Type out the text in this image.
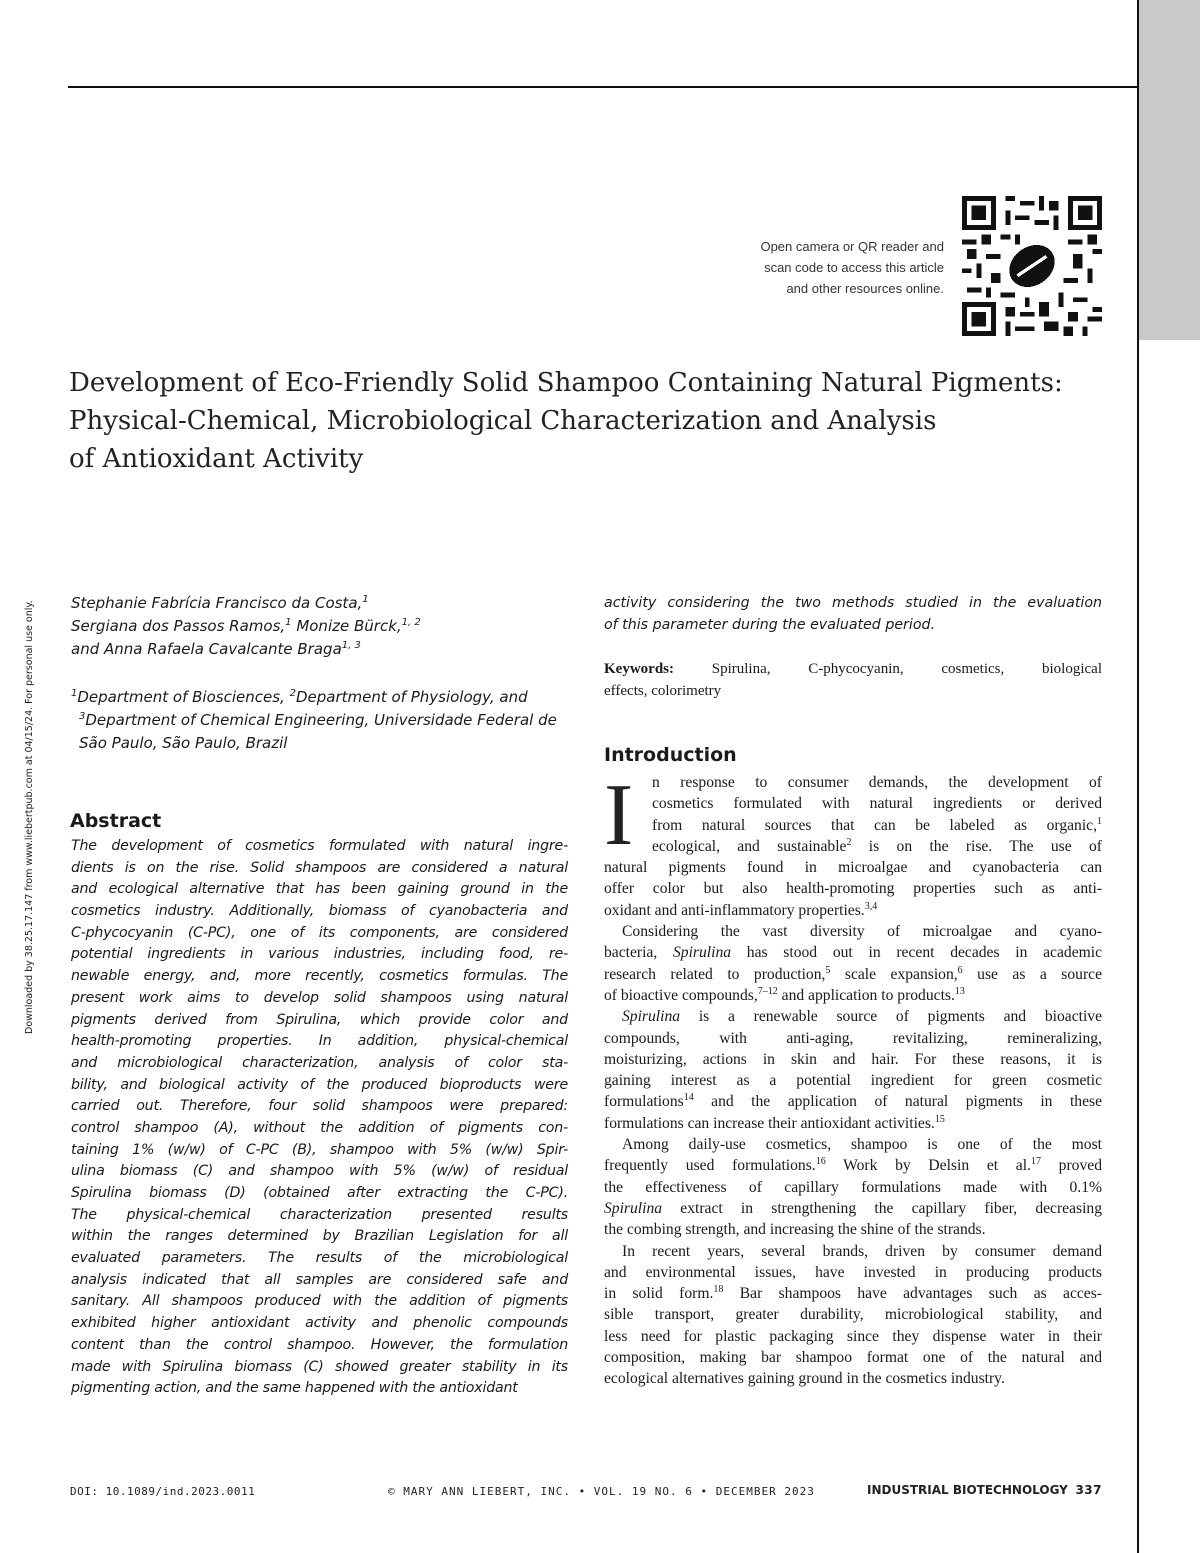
Open camera or QR reader and
scan code to access this article
and other resources online.
Development of Eco-Friendly Solid Shampoo Containing Natural Pigments:
Physical-Chemical, Microbiological Characterization and Analysis
of Antioxidant Activity
Downloaded by 38.25.17.147 from www.liebertpub.com at 04/15/24. For personal use only. Stephanie Fabrícia Francisco da Costa,$^1$
Sergiana dos Passos Ramos,$^1$ Monize Bürck,$^{1, 2}$
and Anna Rafaela Cavalcante Braga$^{1, 3}$
$^1$Department of Biosciences, $^2$Department of Physiology, and
$^3$Department of Chemical Engineering, Universidade Federal de
São Paulo, São Paulo, Brazil
Abstract
The development of cosmetics formulated with natural ingre-
dients is on the rise. Solid shampoos are considered a natural
and ecological alternative that has been gaining ground in the
cosmetics industry. Additionally, biomass of cyanobacteria and
C-phycocyanin (C-PC), one of its components, are considered
potential ingredients in various industries, including food, re-
newable energy, and, more recently, cosmetics formulas. The
present work aims to develop solid shampoos using natural
pigments derived from Spirulina, which provide color and
health-promoting properties. In addition, physical-chemical
and microbiological characterization, analysis of color sta-
bility, and biological activity of the produced bioproducts were
carried out. Therefore, four solid shampoos were prepared:
control shampoo (A), without the addition of pigments con-
taining 1% (w/w) of C-PC (B), shampoo with 5% (w/w) Spir-
ulina biomass (C) and shampoo with 5% (w/w) of residual
Spirulina biomass (D) (obtained after extracting the C-PC).
The physical-chemical characterization presented results
within the ranges determined by Brazilian Legislation for all
evaluated parameters. The results of the microbiological
analysis indicated that all samples are considered safe and
sanitary. All shampoos produced with the addition of pigments
exhibited higher antioxidant activity and phenolic compounds
content than the control shampoo. However, the formulation
made with Spirulina biomass (C) showed greater stability in its
pigmenting action, and the same happened with the antioxidant
activity considering the two methods studied in the evaluation
of this parameter during the evaluated period.
Keywords: Spirulina, C-phycocyanin, cosmetics, biological
effects, colorimetry
Introduction
I	n response to consumer demands, the development of
cosmetics formulated with natural ingredients or derived
from natural sources that can be labeled as organic,$^1$
ecological, and sustainable$^2$ is on the rise. The use of
natural pigments found in microalgae and cyanobacteria can
offer color but also health-promoting properties such as anti-
oxidant and anti-inflammatory properties.$^{3,4}$
Considering the vast diversity of microalgae and cyano-
bacteria, Spirulina has stood out in recent decades in academic
research related to production,$^5$ scale expansion,$^6$ use as a source
of bioactive compounds,$^{7-12}$ and application to products.$^{13}$
Spirulina is a renewable source of pigments and bioactive
compounds, with anti-aging, revitalizing, remineralizing,
moisturizing, actions in skin and hair. For these reasons, it is
gaining interest as a potential ingredient for green cosmetic
formulations$^{14}$ and the application of natural pigments in these
formulations can increase their antioxidant activities.$^{15}$
Among daily-use cosmetics, shampoo is one of the most
frequently used formulations.$^{16}$ Work by Delsin et al.$^{17}$ proved
the effectiveness of capillary formulations made with 0.1%
Spirulina extract in strengthening the capillary fiber, decreasing
the combing strength, and increasing the shine of the strands.
In recent years, several brands, driven by consumer demand
and environmental issues, have invested in producing products
in solid form.$^{18}$ Bar shampoos have advantages such as acces-
sible transport, greater durability, microbiological stability, and
less need for plastic packaging since they dispense water in their
composition, making bar shampoo format one of the natural and
ecological alternatives gaining ground in the cosmetics industry.
DOI: 10.1089/ind.2023.0011	© MARY ANN LIEBERT, INC. • VOL. 19 NO. 6 • DECEMBER 2023	INDUSTRIAL BIOTECHNOLOGY 337
